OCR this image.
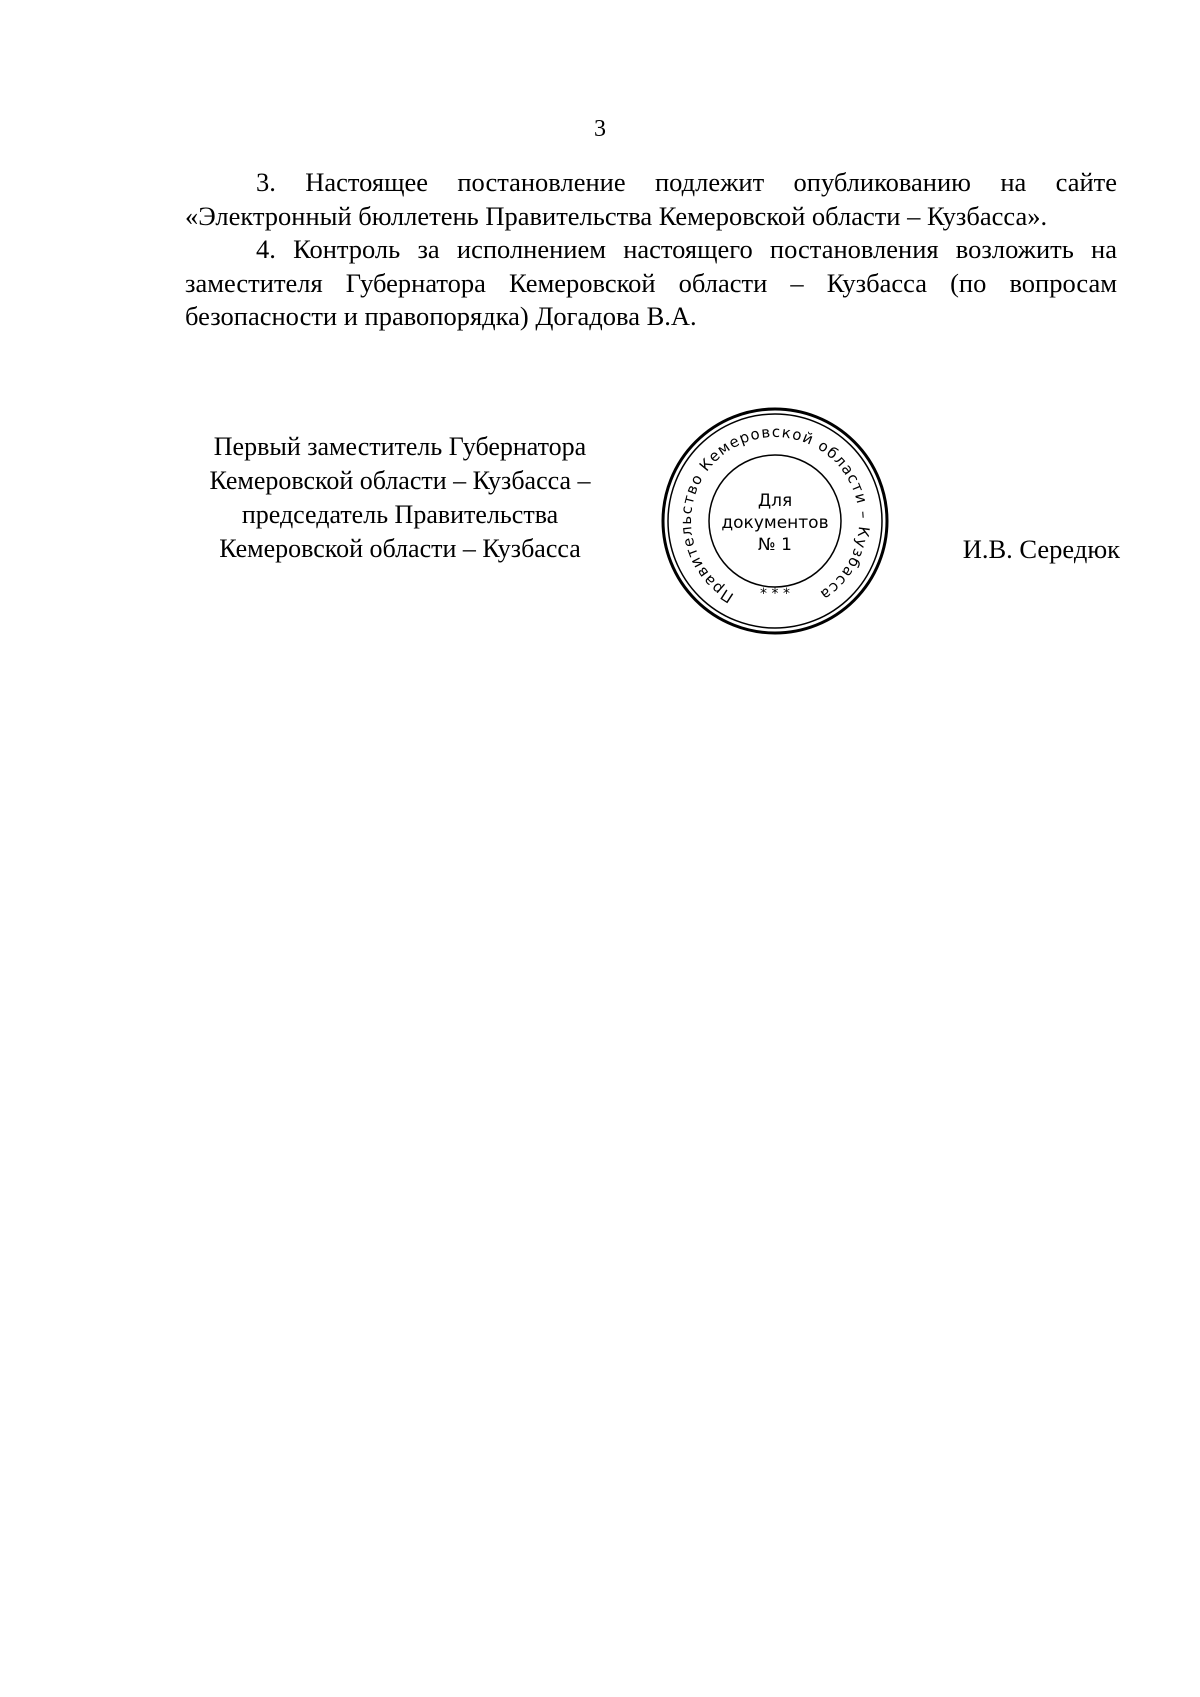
3

3. Настоящее постановление подлежит опубликованию на сайте «Электронный бюллетень Правительства Кемеровской области – Кузбасса».

4. Контроль за исполнением настоящего постановления возложить на заместителя Губернатора Кемеровской области – Кузбасса (по вопросам безопасности и правопорядка) Догадова В.А.

Первый заместитель Губернатора
Кемеровской области – Кузбасса –
председатель Правительства
Кемеровской области – Кузбасса
Правительство Кемеровской области – Кузбасса
* * *
Для
документов
№ 1	И.В. Середюк
